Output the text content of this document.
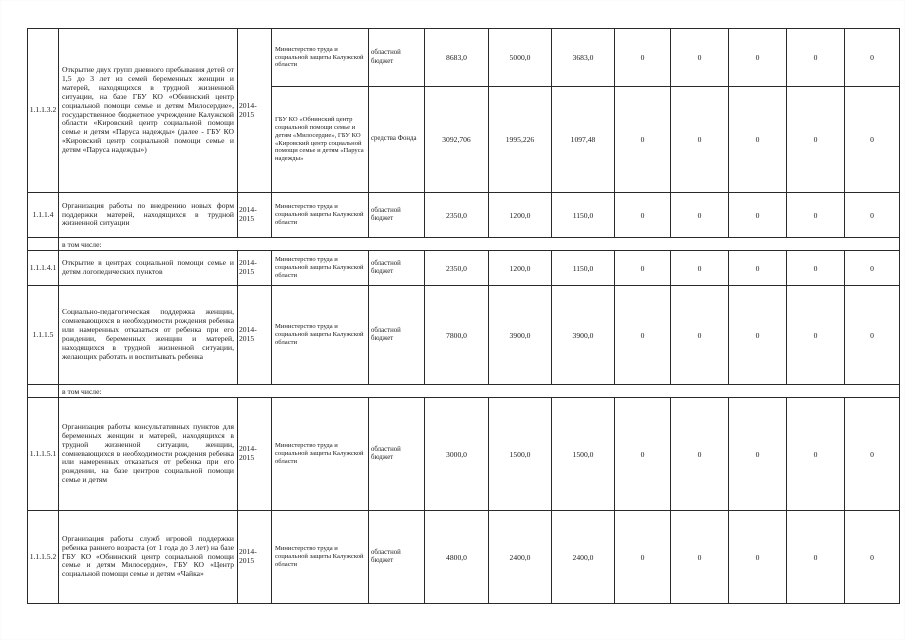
1.1.1.3.2	Открытие двух групп дневного пребывания детей от 1,5 до 3 лет из семей беременных женщин и матерей, находящихся в трудной жизненной ситуации, на базе ГБУ КО «Обнинский центр социальной помощи семье и детям Милосердие», государственное бюджетное учреждение Калужской области «Кировский центр социальной помощи семье и детям «Паруса надежды» (далее - ГБУ КО «Кировский центр социальной помощи семье и детям «Паруса надежды»)	2014-2015	Министерство труда и социальной защиты Калужской области	областной бюджет	8683,0	5000,0	3683,0	0	0	0	0	0
			ГБУ КО «Обнинский центр социальной помощи семье и детям «Милосердие», ГБУ КО «Кировский центр социальной помощи семье и детям «Паруса надежды»	средства Фонда	3092,706	1995,226	1097,48	0	0	0	0	0
1.1.1.4	Организация работы по внедрению новых форм поддержки матерей, находящихся в трудной жизненной ситуации	2014-2015	Министерство труда и социальной защиты Калужской области	областной бюджет	2350,0	1200,0	1150,0	0	0	0	0	0
	в том числе:											
1.1.1.4.1	Открытие в центрах социальной помощи семье и детям логопедических пунктов	2014-2015	Министерство труда и социальной защиты Калужской области	областной бюджет	2350,0	1200,0	1150,0	0	0	0	0	0
1.1.1.5	Социально-педагогическая поддержка женщин, сомневающихся в необходимости рождения ребенка или намеренных отказаться от ребенка при его рождении, беременных женщин и матерей, находящихся в трудной жизненной ситуации, желающих работать и воспитывать ребенка	2014-2015	Министерство труда и социальной защиты Калужской области	областной бюджет	7800,0	3900,0	3900,0	0	0	0	0	0
	в том числе:											
1.1.1.5.1	Организация работы консультативных пунктов для беременных женщин и матерей, находящихся в трудной жизненной ситуации, женщин, сомневающихся в необходимости рождения ребенка или намеренных отказаться от ребенка при его рождении, на базе центров социальной помощи семье и детям	2014-2015	Министерство труда и социальной защиты Калужской области	областной бюджет	3000,0	1500,0	1500,0	0	0	0	0	0
1.1.1.5.2	Организация работы служб игровой поддержки ребенка раннего возраста (от 1 года до 3 лет) на базе ГБУ КО «Обнинский центр социальной помощи семье и детям Милосердие», ГБУ КО «Центр социальной помощи семье и детям «Чайка»	2014-2015	Министерство труда и социальной защиты Калужской области	областной бюджет	4800,0	2400,0	2400,0	0	0	0	0	0
